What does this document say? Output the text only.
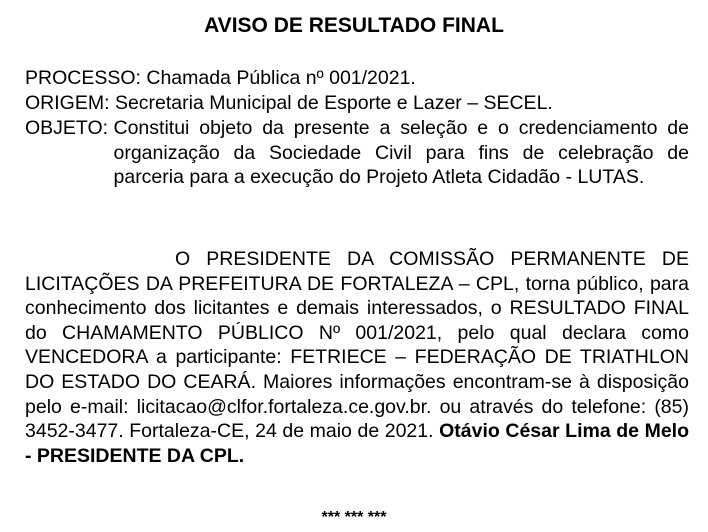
AVISO DE RESULTADO FINAL
PROCESSO: Chamada Pública nº 001/2021.
ORIGEM: Secretaria Municipal de Esporte e Lazer – SECEL.
OBJETO:
Constitui objeto da presente a seleção e o credenciamento de organização da Sociedade Civil para fins de celebração de parceria para a execução do Projeto Atleta Cidadão - LUTAS.
O PRESIDENTE DA COMISSÃO PERMANENTE DE LICITAÇÕES DA PREFEITURA DE FORTALEZA – CPL, torna público, para conhecimento dos licitantes e demais interessados, o RESULTADO FINAL do CHAMAMENTO PÚBLICO Nº 001/2021, pelo qual declara como VENCEDORA a participante: FETRIECE – FEDERAÇÃO DE TRIATHLON DO ESTADO DO CEARÁ. Maiores informações encontram-se à disposição pelo e-mail: licitacao@clfor.fortaleza.ce.gov.br. ou através do telefone: (85) 3452-3477. Fortaleza-CE, 24 de maio de 2021. Otávio César Lima de Melo - PRESIDENTE DA CPL.
*** *** ***
